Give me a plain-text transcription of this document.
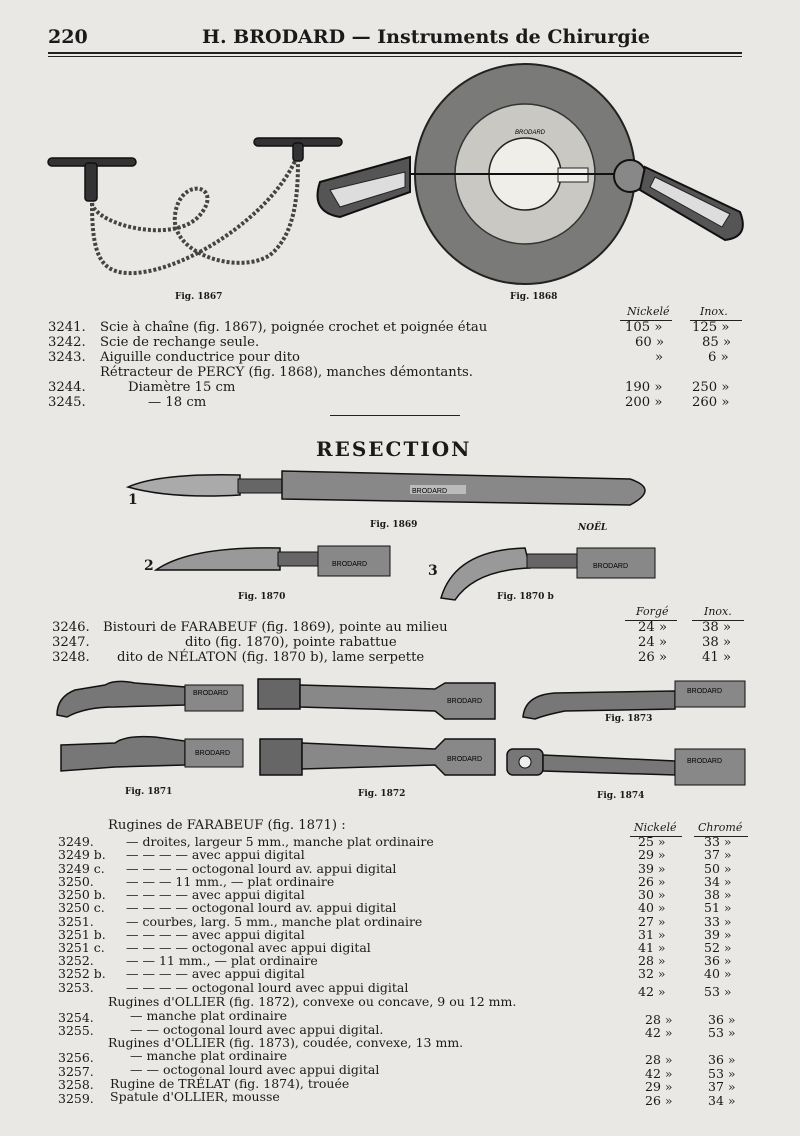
220	H. BRODARD — Instruments de Chirurgie
BRODARD
Fig. 1867	Fig. 1868
Nickelé	Inox.
3241. Scie à chaîne (fig. 1867), poignée crochet et poignée étau	105 » 125 »
3242. Scie de rechange seule.	60 »	85 »
3243. Aiguille conductrice pour dito	»	6 »
Rétracteur de PERCY (fig. 1868), manches démontants.
3244.	Diamètre 15 cm	190 » 250 »
3245.	— 18 cm	200 » 260 »
RESECTION
BRODARD
1
Fig. 1869	NOËL
BRODARD
2
Fig. 1870
BRODARD
3
Fig. 1870 b
Forgé	Inox.
3246. Bistouri de FARABEUF (fig. 1869), pointe au milieu	24 »	38 »
3247.	dito (fig. 1870), pointe rabattue	24 »	38 »
3248. dito de NÉLATON (fig. 1870 b), lame serpette	26 »	41 »
BRODARD
BRODARD
BRODARD
BRODARD
BRODARD
BRODARD
Fig. 1873
Fig. 1871	Fig. 1872	Fig. 1874
Rugines de FARABEUF (fig. 1871) :	Nickelé Chromé
3249.	— droites, largeur 5 mm., manche plat ordinaire	25 »	33 »
3249 b. — — — — avec appui digital	29 »	37 »
3249 c. — — — — octogonal lourd av. appui digital	39 »	50 »
3250.	— — — 11 mm., — plat ordinaire	26 »	34 »
3250 b. — — — — avec appui digital	30 »	38 »
3250 c. — — — — octogonal lourd av. appui digital	40 »	51 »
3251.	— courbes, larg. 5 mm., manche plat ordinaire	27 »	33 »
3251 b. — — — — avec appui digital	31 »	39 »
3251 c. — — — — octogonal avec appui digital	41 »	52 »
3252.	— — 11 mm., — plat ordinaire	28 »	36 »
3252 b. — — — — avec appui digital	32 »	40 »
3253.	— — — — octogonal lourd avec appui digital	42 »	53 »
Rugines d'OLLIER (fig. 1872), convexe ou concave, 9 ou 12 mm.
3254.	— manche plat ordinaire	28 »	36 »
3255.	— — octogonal lourd avec appui digital.	42 »	53 »
Rugines d'OLLIER (fig. 1873), coudée, convexe, 13 mm.
3256.	— manche plat ordinaire	28 »	36 »
3257.	— — octogonal lourd avec appui digital	42 »	53 »
3258. Rugine de TRÉLAT (fig. 1874), trouée	29 »	37 »
3259. Spatule d'OLLIER, mousse	26 »	34 »
